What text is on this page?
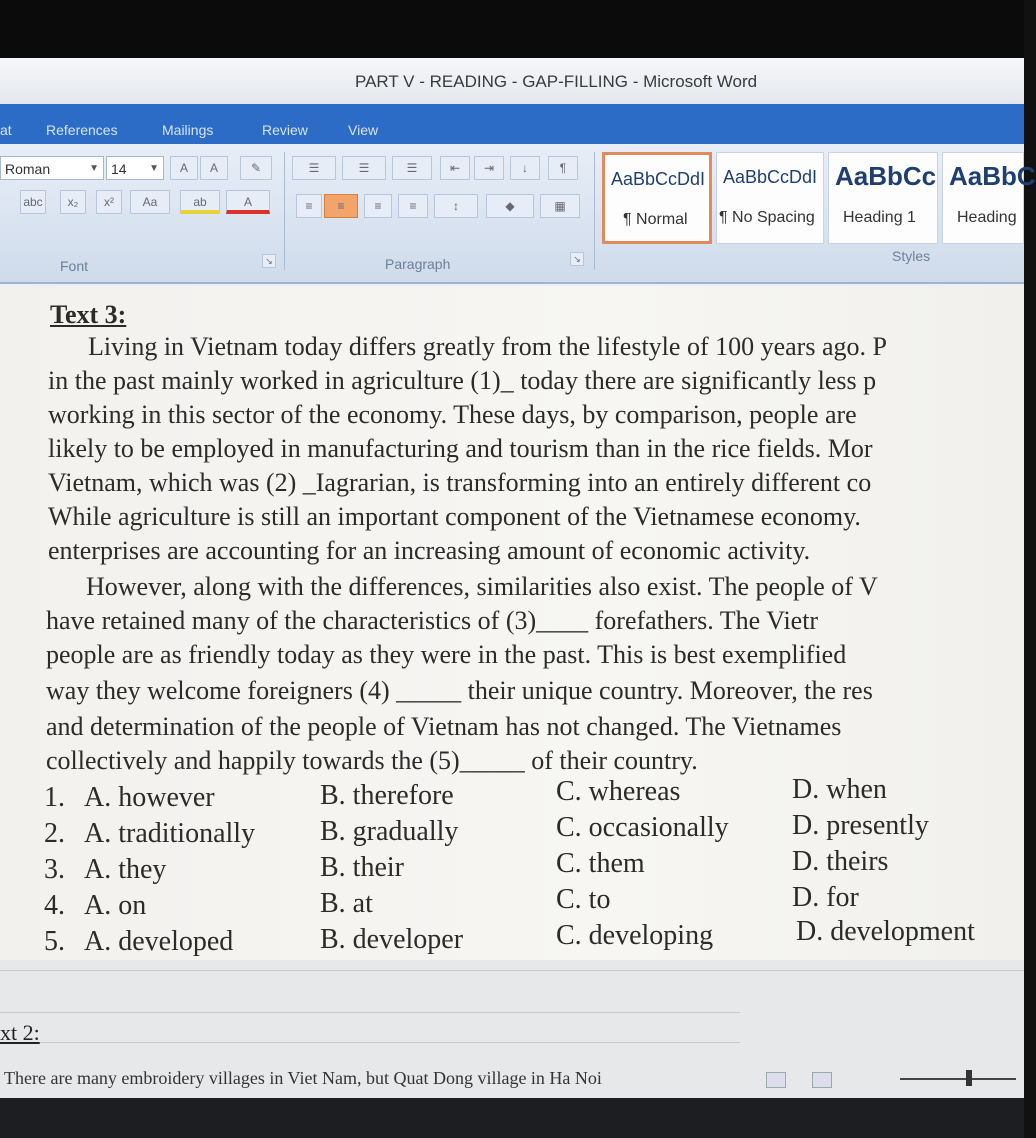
PART V - READING - GAP-FILLING - Microsoft Word
at References	Mailings	Review	View
Roman	▼ 14 ▼	A	A	✎
abc	x₂	x²	Aa	ab	A
Font	↘
☰	☰	☰	⇤	⇥	↓	¶
≡	≡	≡	≡	↕	◆	▦
Paragraph	↘
AaBbCcDdI
¶ Normal
AaBbCcDdI
¶ No Spacing
AaBbCc
Heading 1
AaBbC
Heading
Styles
Text 3:
Living in Vietnam today differs greatly from the lifestyle of 100 years ago. P
in the past mainly worked in agriculture (1)_ today there are significantly less p
working in this sector of the economy. These days, by comparison, people are
likely to be employed in manufacturing and tourism than in the rice fields. Mor
Vietnam, which was (2) _Iagrarian, is transforming into an entirely different co
While agriculture is still an important component of the Vietnamese economy.
enterprises are accounting for an increasing amount of economic activity.
However, along with the differences, similarities also exist. The people of V
have retained many of the characteristics of (3)____ forefathers. The Vietr
people are as friendly today as they were in the past. This is best exemplified
way they welcome foreigners (4) _____ their unique country. Moreover, the res
and determination of the people of Vietnam has not changed. The Vietnames
collectively and happily towards the (5)_____ of their country.
1. A. however	B. therefore	C. whereas	D. when
2. A. traditionally B. gradually	C. occasionally D. presently
3. A. they	B. their	C. them	D. theirs
4. A. on	B. at	C. to	D. for
5. A. developed	B. developer	C. developing	D. development
xt 2:
There are many embroidery villages in Viet Nam, but Quat Dong village in Ha Noi
